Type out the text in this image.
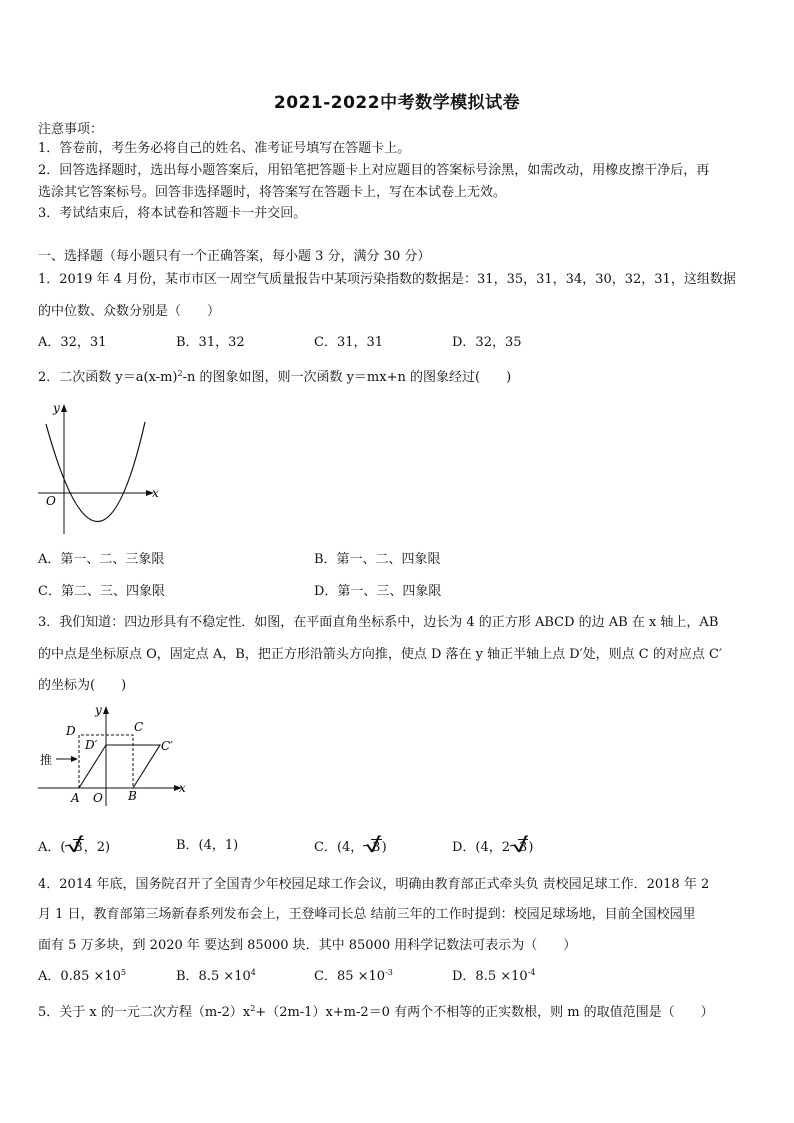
2021-2022中考数学模拟试卷
注意事项：
1．答卷前，考生务必将自己的姓名、准考证号填写在答题卡上。
2．回答选择题时，选出每小题答案后，用铅笔把答题卡上对应题目的答案标号涂黑，如需改动，用橡皮擦干净后，再
选涂其它答案标号。回答非选择题时，将答案写在答题卡上，写在本试卷上无效。
3．考试结束后，将本试卷和答题卡一并交回。
一、选择题（每小题只有一个正确答案，每小题 3 分，满分 30 分）
1．2019 年 4 月份，某市市区一周空气质量报告中某项污染指数的数据是：31，35，31，34，30，32，31，这组数据
的中位数、众数分别是（　　）
A．32，31	B．31，32	C．31，31	D．32，35
2．二次函数 $y=a(x-m)^2-n$ 的图象如图，则一次函数 y＝mx+n 的图象经过(　　)
y
x
O
A．第一、二、三象限	B．第一、二、四象限
C．第二、三、四象限	D．第一、三、四象限
3．我们知道：四边形具有不稳定性．如图，在平面直角坐标系中，边长为 4 的正方形 ABCD 的边 AB 在 x 轴上，AB
的中点是坐标原点 O，固定点 A，B，把正方形沿箭头方向推，使点 D 落在 y 轴正半轴上点 D′处，则点 C 的对应点 C′
的坐标为(　　)
y
x
D	C
D′	C′
推
A O B
A．( 3，2)	B．(4，1)	C．(4， 3)	D．(4，2 3)
4．2014 年底，国务院召开了全国青少年校园足球工作会议，明确由教育部正式牵头负 责校园足球工作．2018 年 2
月 1 日，教育部第三场新春系列发布会上，王登峰司长总 结前三年的工作时提到：校园足球场地，目前全国校园里
面有 5 万多块，到 2020 年 要达到 85000 块．其中 85000 用科学记数法可表示为（　　）
A．$0.85 \times 10^5$	B．$8.5 \times 10^4$	C．$85 \times 10^{-3}$	D．$8.5 \times 10^{-4}$
5．关于 x 的一元二次方程$(m-2)x^2+(2m-1)x+m-2=0$ 有两个不相等的正实数根，则 m 的取值范围是（　　）
